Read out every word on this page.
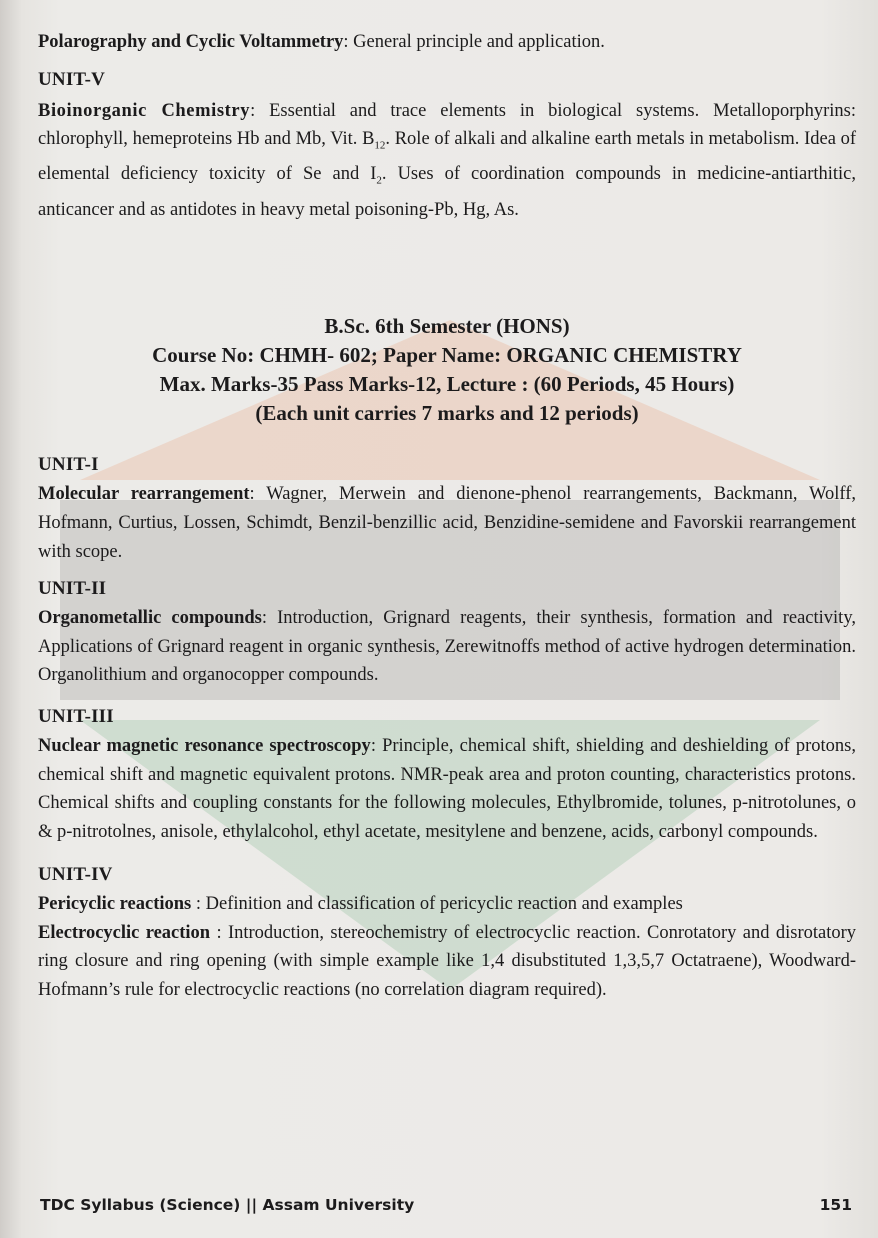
Polarography and Cyclic Voltammetry: General principle and application.

UNIT-V

Bioinorganic Chemistry: Essential and trace elements in biological systems. Metalloporphyrins: chlorophyll, hemeproteins Hb and Mb, Vit. $B_{12}$. Role of alkali and alkaline earth metals in metabolism. Idea of elemental deficiency toxicity of Se and $I_2$. Uses of coordination compounds in medicine-antiarthitic, anticancer and as antidotes in heavy metal poisoning-Pb, Hg, As.

B.Sc. 6th Semester (HONS)
Course No: CHMH- 602; Paper Name: ORGANIC CHEMISTRY
Max. Marks-35 Pass Marks-12, Lecture : (60 Periods, 45 Hours)
(Each unit carries 7 marks and 12 periods)
UNIT-I

Molecular rearrangement: Wagner, Merwein and dienone-phenol rearrangements, Backmann, Wolff, Hofmann, Curtius, Lossen, Schimdt, Benzil-benzillic acid, Benzidine-semidene and Favorskii rearrangement with scope.

UNIT-II

Organometallic compounds: Introduction, Grignard reagents, their synthesis, formation and reactivity, Applications of Grignard reagent in organic synthesis, Zerewitnoffs method of active hydrogen determination. Organolithium and organocopper compounds.

UNIT-III

Nuclear magnetic resonance spectroscopy: Principle, chemical shift, shielding and deshielding of protons, chemical shift and magnetic equivalent protons. NMR-peak area and proton counting, characteristics protons. Chemical shifts and coupling constants for the following molecules, Ethylbromide, tolunes, p-nitrotolunes, o & p-nitrotolnes, anisole, ethylalcohol, ethyl acetate, mesitylene and benzene, acids, carbonyl compounds.

UNIT-IV

Pericyclic reactions : Definition and classification of pericyclic reaction and examples

Electrocyclic reaction : Introduction, stereochemistry of electrocyclic reaction. Conrotatory and disrotatory ring closure and ring opening (with simple example like 1,4 disubstituted 1,3,5,7 Octatraene), Woodward-Hofmann’s rule for electrocyclic reactions (no correlation diagram required).

TDC Syllabus (Science) || Assam University	151
